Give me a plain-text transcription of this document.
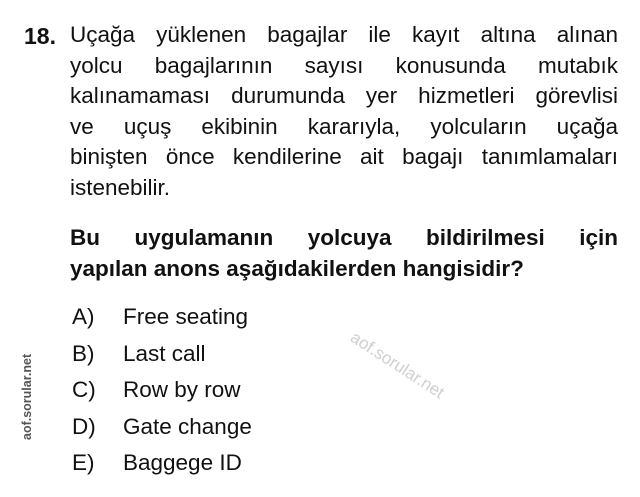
18. Uçağa yüklenen bagajlar ile kayıt altına alınan
yolcu bagajlarının sayısı konusunda mutabık
kalınamaması durumunda yer hizmetleri görevlisi
ve uçuş ekibinin kararıyla, yolcuların uçağa
binişten önce kendilerine ait bagajı tanımlamaları
istenebilir.
Bu uygulamanın yolcuya bildirilmesi için
yapılan anons aşağıdakilerden hangisidir?
A)	Free seating
B)	Last call
C)	Row by row
D)	Gate change
E)	Baggege ID
aof.sorular.net
aof.sorular.net
